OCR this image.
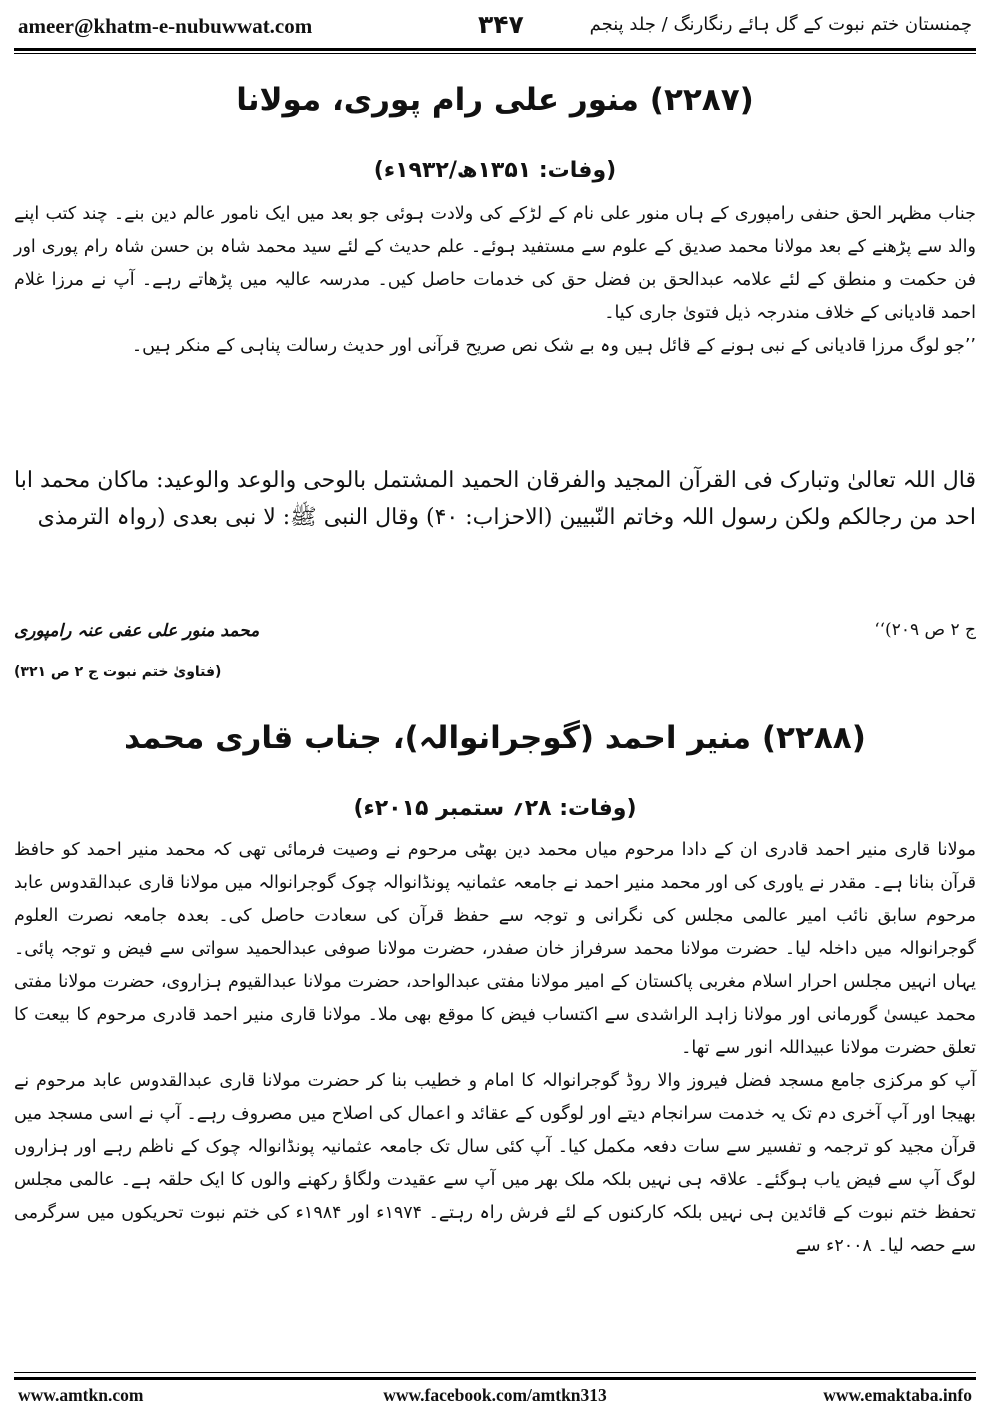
ameer@khatm-e-nubuwwat.com	۳۴۷	چمنستان ختم نبوت کے گل ہائے رنگارنگ / جلد پنجم
(۲۲۸۷) منور علی رام پوری، مولانا
(وفات: ۱۳۵۱ھ/۱۹۳۲ء)

جناب مظہر الحق حنفی رامپوری کے ہاں منور علی نام کے لڑکے کی ولادت ہوئی جو بعد میں ایک نامور عالم دین بنے۔ چند کتب اپنے والد سے پڑھنے کے بعد مولانا محمد صدیق کے علوم سے مستفید ہوئے۔ علم حدیث کے لئے سید محمد شاہ بن حسن شاہ رام پوری اور فن حکمت و منطق کے لئے علامہ عبدالحق بن فضل حق کی خدمات حاصل کیں۔ مدرسہ عالیہ میں پڑھاتے رہے۔ آپ نے مرزا غلام احمد قادیانی کے خلاف مندرجہ ذیل فتویٰ جاری کیا۔

’’جو لوگ مرزا قادیانی کے نبی ہونے کے قائل ہیں وہ بے شک نص صریح قرآنی اور حدیث رسالت پناہی کے منکر ہیں۔

قال اللہ تعالیٰ وتبارک فی القرآن المجید والفرقان الحمید المشتمل بالوحی والوعد والوعید: ماکان محمد ابا احد من رجالکم ولکن رسول اللہ وخاتم النّبیین (الاحزاب: ۴۰) وقال النبی ﷺ: لا نبی بعدی (رواہ الترمذی
ج ۲ ص ۲۰۹)‘‘
محمد منور علی عفی عنہ رامپوری
(فتاویٰ ختم نبوت ج ۲ ص ۳۲۱)
(۲۲۸۸) منیر احمد (گوجرانوالہ)، جناب قاری محمد
(وفات: ۲۸؍ ستمبر ۲۰۱۵ء)

مولانا قاری منیر احمد قادری ان کے دادا مرحوم میاں محمد دین بھٹی مرحوم نے وصیت فرمائی تھی کہ محمد منیر احمد کو حافظ قرآن بنانا ہے۔ مقدر نے یاوری کی اور محمد منیر احمد نے جامعہ عثمانیہ پونڈانوالہ چوک گوجرانوالہ میں مولانا قاری عبدالقدوس عابد مرحوم سابق نائب امیر عالمی مجلس کی نگرانی و توجہ سے حفظ قرآن کی سعادت حاصل کی۔ بعدہ جامعہ نصرت العلوم گوجرانوالہ میں داخلہ لیا۔ حضرت مولانا محمد سرفراز خان صفدر، حضرت مولانا صوفی عبدالحمید سواتی سے فیض و توجہ پائی۔ یہاں انہیں مجلس احرار اسلام مغربی پاکستان کے امیر مولانا مفتی عبدالواحد، حضرت مولانا عبدالقیوم ہزاروی، حضرت مولانا مفتی محمد عیسیٰ گورمانی اور مولانا زاہد الراشدی سے اکتساب فیض کا موقع بھی ملا۔ مولانا قاری منیر احمد قادری مرحوم کا بیعت کا تعلق حضرت مولانا عبیداللہ انور سے تھا۔

آپ کو مرکزی جامع مسجد فضل فیروز والا روڈ گوجرانوالہ کا امام و خطیب بنا کر حضرت مولانا قاری عبدالقدوس عابد مرحوم نے بھیجا اور آپ آخری دم تک یہ خدمت سرانجام دیتے اور لوگوں کے عقائد و اعمال کی اصلاح میں مصروف رہے۔ آپ نے اسی مسجد میں قرآن مجید کو ترجمہ و تفسیر سے سات دفعہ مکمل کیا۔ آپ کئی سال تک جامعہ عثمانیہ پونڈانوالہ چوک کے ناظم رہے اور ہزاروں لوگ آپ سے فیض یاب ہوگئے۔ علاقہ ہی نہیں بلکہ ملک بھر میں آپ سے عقیدت ولگاؤ رکھنے والوں کا ایک حلقہ ہے۔ عالمی مجلس تحفظ ختم نبوت کے قائدین ہی نہیں بلکہ کارکنوں کے لئے فرش راہ رہتے۔ ۱۹۷۴ء اور ۱۹۸۴ء کی ختم نبوت تحریکوں میں سرگرمی سے حصہ لیا۔ ۲۰۰۸ء سے

www.amtkn.com	www.facebook.com/amtkn313	www.emaktaba.info
